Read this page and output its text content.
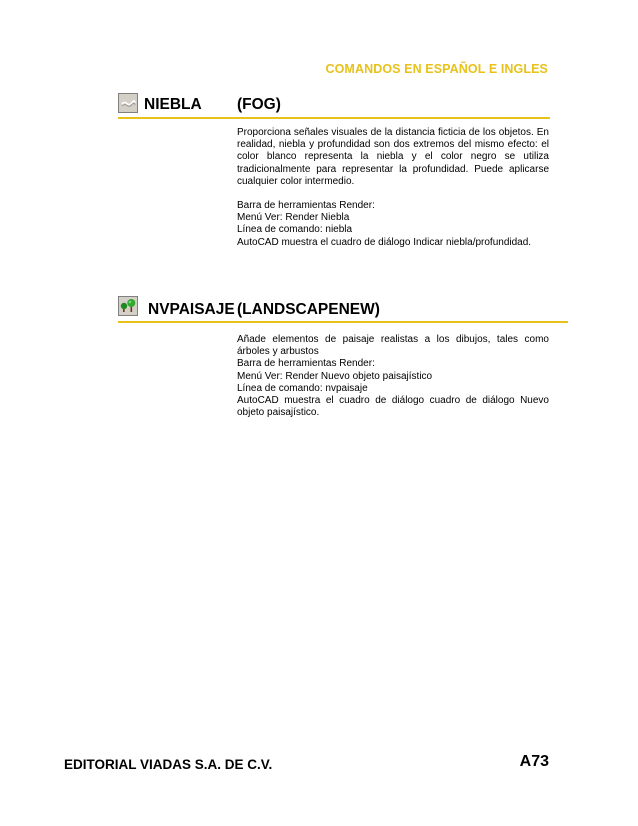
COMANDOS EN ESPAÑOL E INGLES
NIEBLA (FOG)

Proporciona señales visuales de la distancia ficticia de los objetos. En realidad, niebla y profundidad son dos extremos del mismo efecto: el color blanco representa la niebla y el color negro se utiliza tradicionalmente para representar la profundidad. Puede aplicarse cualquier color intermedio.

Barra de herramientas Render:
Menú Ver: Render Niebla
Línea de comando: niebla
AutoCAD muestra el cuadro de diálogo Indicar niebla/profundidad.

NVPAISAJE (LANDSCAPENEW)

Añade elementos de paisaje realistas a los dibujos, tales como árboles y arbustos

Barra de herramientas Render:
Menú Ver: Render Nuevo objeto paisajístico
Línea de comando: nvpaisaje

AutoCAD muestra el cuadro de diálogo cuadro de diálogo Nuevo objeto paisajístico.

EDITORIAL VIADAS S.A. DE C.V.	A73
